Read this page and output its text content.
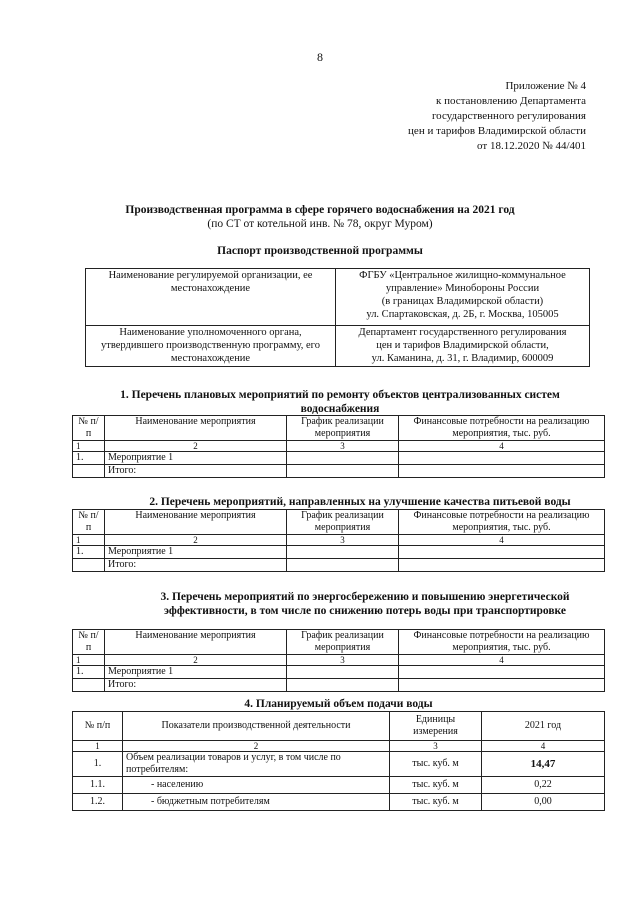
8
Приложение № 4
к постановлению Департамента
государственного регулирования
цен и тарифов Владимирской области
от 18.12.2020 № 44/401
Производственная программа в сфере горячего водоснабжения на 2021 год
(по СТ от котельной инв. № 78, округ Муром)
Паспорт производственной программы
Наименование регулируемой организации, ее местонахождение	ФГБУ «Центральное жилищно-коммунальное
управление» Минобороны России
(в границах Владимирской области)
ул. Спартаковская, д. 2Б, г. Москва, 105005

Наименование уполномоченного органа, утвердившего производственную программу, его местонахождение	Департамент государственного регулирования
цен и тарифов Владимирской области,
ул. Каманина, д. 31, г. Владимир, 600009
1. Перечень плановых мероприятий по ремонту объектов централизованных систем
водоснабжения
№ п/п	Наименование мероприятия	График реализации мероприятия	Финансовые потребности на реализацию мероприятия, тыс. руб.
1	2	3	4
1.	Мероприятие 1		
	Итого:		
2. Перечень мероприятий, направленных на улучшение качества питьевой воды
№ п/п	Наименование мероприятия	График реализации мероприятия	Финансовые потребности на реализацию мероприятия, тыс. руб.
1	2	3	4
1.	Мероприятие 1		
	Итого:		
3. Перечень мероприятий по энергосбережению и повышению энергетической
эффективности, в том числе по снижению потерь воды при транспортировке
№ п/п	Наименование мероприятия	График реализации мероприятия	Финансовые потребности на реализацию мероприятия, тыс. руб.
1	2	3	4
1.	Мероприятие 1		
	Итого:		
4. Планируемый объем подачи воды
№ п/п	Показатели производственной деятельности	Единицы измерения	2021 год
1	2	3	4
1.	Объем реализации товаров и услуг, в том числе по потребителям:	тыс. куб. м	14,47
1.1.	- населению	тыс. куб. м	0,22
1.2.	- бюджетным потребителям	тыс. куб. м	0,00
